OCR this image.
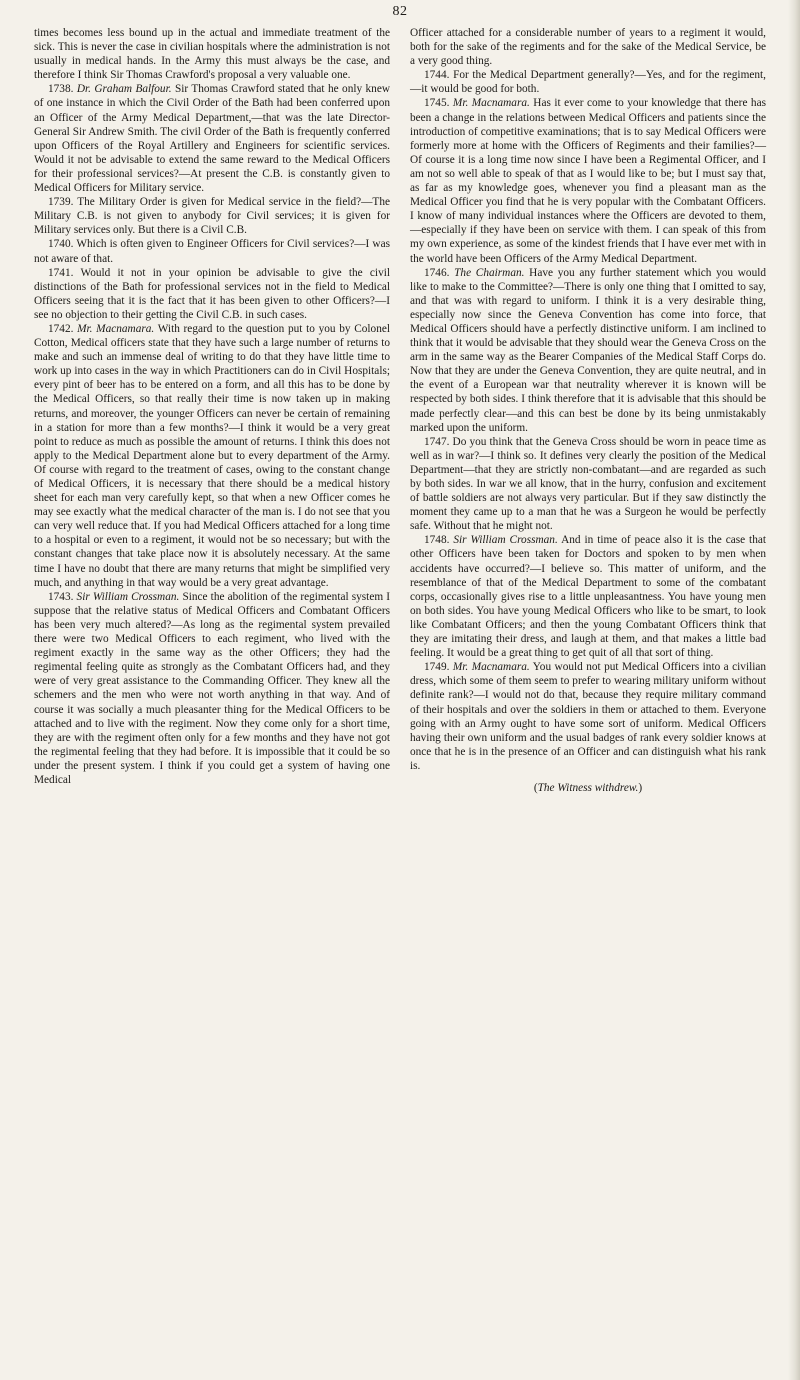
82

times becomes less bound up in the actual and immediate treatment of the sick. This is never the case in civilian hospitals where the administration is not usually in medical hands. In the Army this must always be the case, and therefore I think Sir Thomas Crawford's proposal a very valuable one.

1738. Dr. Graham Balfour. Sir Thomas Crawford stated that he only knew of one instance in which the Civil Order of the Bath had been conferred upon an Officer of the Army Medical Department,—that was the late Director-General Sir Andrew Smith. The civil Order of the Bath is frequently conferred upon Officers of the Royal Artillery and Engineers for scientific services. Would it not be advisable to extend the same reward to the Medical Officers for their professional services?—At present the C.B. is constantly given to Medical Officers for Military service.

1739. The Military Order is given for Medical service in the field?—The Military C.B. is not given to anybody for Civil services; it is given for Military services only. But there is a Civil C.B.

1740. Which is often given to Engineer Officers for Civil services?—I was not aware of that.

1741. Would it not in your opinion be advisable to give the civil distinctions of the Bath for professional services not in the field to Medical Officers seeing that it is the fact that it has been given to other Officers?—I see no objection to their getting the Civil C.B. in such cases.

1742. Mr. Macnamara. With regard to the question put to you by Colonel Cotton, Medical officers state that they have such a large number of returns to make and such an immense deal of writing to do that they have little time to work up into cases in the way in which Practitioners can do in Civil Hospitals; every pint of beer has to be entered on a form, and all this has to be done by the Medical Officers, so that really their time is now taken up in making returns, and moreover, the younger Officers can never be certain of remaining in a station for more than a few months?—I think it would be a very great point to reduce as much as possible the amount of returns. I think this does not apply to the Medical Department alone but to every department of the Army. Of course with regard to the treatment of cases, owing to the constant change of Medical Officers, it is necessary that there should be a medical history sheet for each man very carefully kept, so that when a new Officer comes he may see exactly what the medical character of the man is. I do not see that you can very well reduce that. If you had Medical Officers attached for a long time to a hospital or even to a regiment, it would not be so necessary; but with the constant changes that take place now it is absolutely necessary. At the same time I have no doubt that there are many returns that might be simplified very much, and anything in that way would be a very great advantage.

1743. Sir William Crossman. Since the abolition of the regimental system I suppose that the relative status of Medical Officers and Combatant Officers has been very much altered?—As long as the regimental system prevailed there were two Medical Officers to each regiment, who lived with the regiment exactly in the same way as the other Officers; they had the regimental feeling quite as strongly as the Combatant Officers had, and they were of very great assistance to the Commanding Officer. They knew all the schemers and the men who were not worth anything in that way. And of course it was socially a much pleasanter thing for the Medical Officers to be attached and to live with the regiment. Now they come only for a short time, they are with the regiment often only for a few months and they have not got the regimental feeling that they had before. It is impossible that it could be so under the present system. I think if you could get a system of having one Medical

Officer attached for a considerable number of years to a regiment it would, both for the sake of the regiments and for the sake of the Medical Service, be a very good thing.

1744. For the Medical Department generally?—Yes, and for the regiment,—it would be good for both.

1745. Mr. Macnamara. Has it ever come to your knowledge that there has been a change in the relations between Medical Officers and patients since the introduction of competitive examinations; that is to say Medical Officers were formerly more at home with the Officers of Regiments and their families?—Of course it is a long time now since I have been a Regimental Officer, and I am not so well able to speak of that as I would like to be; but I must say that, as far as my knowledge goes, whenever you find a pleasant man as the Medical Officer you find that he is very popular with the Combatant Officers. I know of many individual instances where the Officers are devoted to them,—especially if they have been on service with them. I can speak of this from my own experience, as some of the kindest friends that I have ever met with in the world have been Officers of the Army Medical Department.

1746. The Chairman. Have you any further statement which you would like to make to the Committee?—There is only one thing that I omitted to say, and that was with regard to uniform. I think it is a very desirable thing, especially now since the Geneva Convention has come into force, that Medical Officers should have a perfectly distinctive uniform. I am inclined to think that it would be advisable that they should wear the Geneva Cross on the arm in the same way as the Bearer Companies of the Medical Staff Corps do. Now that they are under the Geneva Convention, they are quite neutral, and in the event of a European war that neutrality wherever it is known will be respected by both sides. I think therefore that it is advisable that this should be made perfectly clear—and this can best be done by its being unmistakably marked upon the uniform.

1747. Do you think that the Geneva Cross should be worn in peace time as well as in war?—I think so. It defines very clearly the position of the Medical Department—that they are strictly non-combatant—and are regarded as such by both sides. In war we all know, that in the hurry, confusion and excitement of battle soldiers are not always very particular. But if they saw distinctly the moment they came up to a man that he was a Surgeon he would be perfectly safe. Without that he might not.

1748. Sir William Crossman. And in time of peace also it is the case that other Officers have been taken for Doctors and spoken to by men when accidents have occurred?—I believe so. This matter of uniform, and the resemblance of that of the Medical Department to some of the combatant corps, occasionally gives rise to a little unpleasantness. You have young men on both sides. You have young Medical Officers who like to be smart, to look like Combatant Officers; and then the young Combatant Officers think that they are imitating their dress, and laugh at them, and that makes a little bad feeling. It would be a great thing to get quit of all that sort of thing.

1749. Mr. Macnamara. You would not put Medical Officers into a civilian dress, which some of them seem to prefer to wearing military uniform without definite rank?—I would not do that, because they require military command of their hospitals and over the soldiers in them or attached to them. Everyone going with an Army ought to have some sort of uniform. Medical Officers having their own uniform and the usual badges of rank every soldier knows at once that he is in the presence of an Officer and can distinguish what his rank is.

(The Witness withdrew.)
